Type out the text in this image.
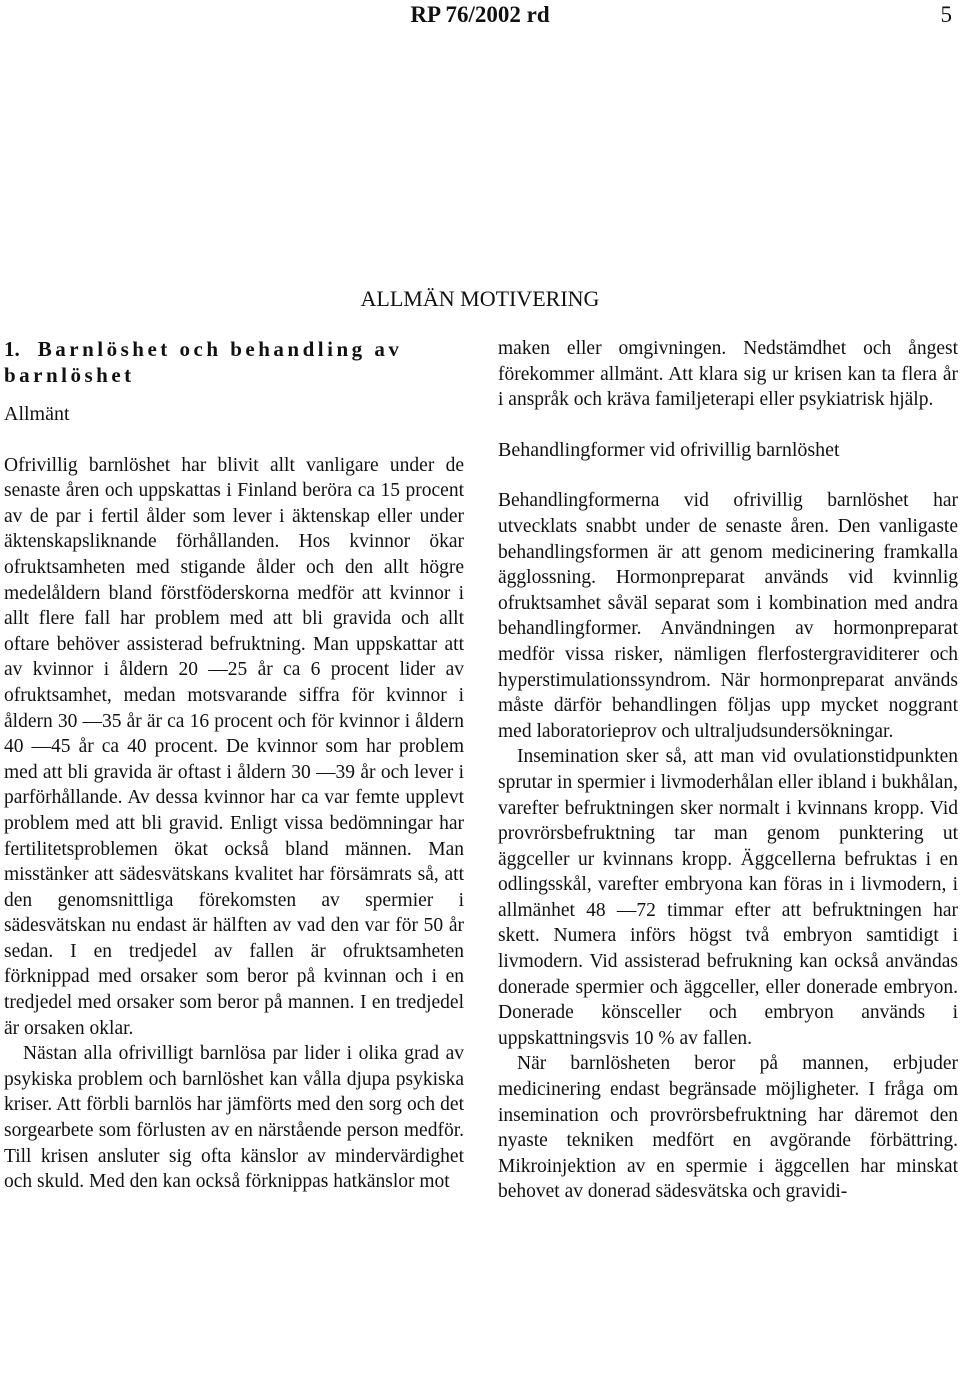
RP 76/2002 rd	5
ALLMÄN MOTIVERING
1. Barnlöshet och behandling av barnlöshet
Allmänt

Ofrivillig barnlöshet har blivit allt vanligare under de senaste åren och uppskattas i Finland beröra ca 15 procent av de par i fertil ålder som lever i äktenskap eller under äktenskapsliknande förhållanden. Hos kvinnor ökar ofruktsamheten med stigande ålder och den allt högre medelåldern bland förstföderskorna medför att kvinnor i allt flere fall har problem med att bli gravida och allt oftare behöver assisterad befruktning. Man uppskattar att av kvinnor i åldern 20 —25 år ca 6 procent lider av ofruktsamhet, medan motsvarande siffra för kvinnor i åldern 30 —35 år är ca 16 procent och för kvinnor i åldern 40 —45 år ca 40 procent. De kvinnor som har problem med att bli gravida är oftast i åldern 30 —39 år och lever i parförhållande. Av dessa kvinnor har ca var femte upplevt problem med att bli gravid. Enligt vissa bedömningar har fertilitetsproblemen ökat också bland männen. Man misstänker att sädesvätskans kvalitet har försämrats så, att den genomsnittliga förekomsten av spermier i sädesvätskan nu endast är hälften av vad den var för 50 år sedan. I en tredjedel av fallen är ofruktsamheten förknippad med orsaker som beror på kvinnan och i en tredjedel med orsaker som beror på mannen. I en tredjedel är orsaken oklar.

Nästan alla ofrivilligt barnlösa par lider i olika grad av psykiska problem och barnlöshet kan vålla djupa psykiska kriser. Att förbli barnlös har jämförts med den sorg och det sorgearbete som förlusten av en närstående person medför. Till krisen ansluter sig ofta känslor av mindervärdighet och skuld. Med den kan också förknippas hatkänslor mot

maken eller omgivningen. Nedstämdhet och ångest förekommer allmänt. Att klara sig ur krisen kan ta flera år i anspråk och kräva familjeterapi eller psykiatrisk hjälp.

Behandlingformer vid ofrivillig barnlöshet

Behandlingformerna vid ofrivillig barnlöshet har utvecklats snabbt under de senaste åren. Den vanligaste behandlingsformen är att genom medicinering framkalla ägglossning. Hormonpreparat används vid kvinnlig ofruktsamhet såväl separat som i kombination med andra behandlingformer. Användningen av hormonpreparat medför vissa risker, nämligen flerfostergraviditerer och hyperstimulationssyndrom. När hormonpreparat används måste därför behandlingen följas upp mycket noggrant med laboratorieprov och ultraljudsundersökningar.

Insemination sker så, att man vid ovulationstidpunkten sprutar in spermier i livmoderhålan eller ibland i bukhålan, varefter befruktningen sker normalt i kvinnans kropp. Vid provrörsbefruktning tar man genom punktering ut äggceller ur kvinnans kropp. Äggcellerna befruktas i en odlingsskål, varefter embryona kan föras in i livmodern, i allmänhet 48 —72 timmar efter att befruktningen har skett. Numera införs högst två embryon samtidigt i livmodern. Vid assisterad befrukning kan också användas donerade spermier och äggceller, eller donerade embryon. Donerade könsceller och embryon används i uppskattningsvis 10 % av fallen.

När barnlösheten beror på mannen, erbjuder medicinering endast begränsade möjligheter. I fråga om insemination och provrörsbefruktning har däremot den nyaste tekniken medfört en avgörande förbättring. Mikroinjektion av en spermie i äggcellen har minskat behovet av donerad sädesvätska och gravidi-
